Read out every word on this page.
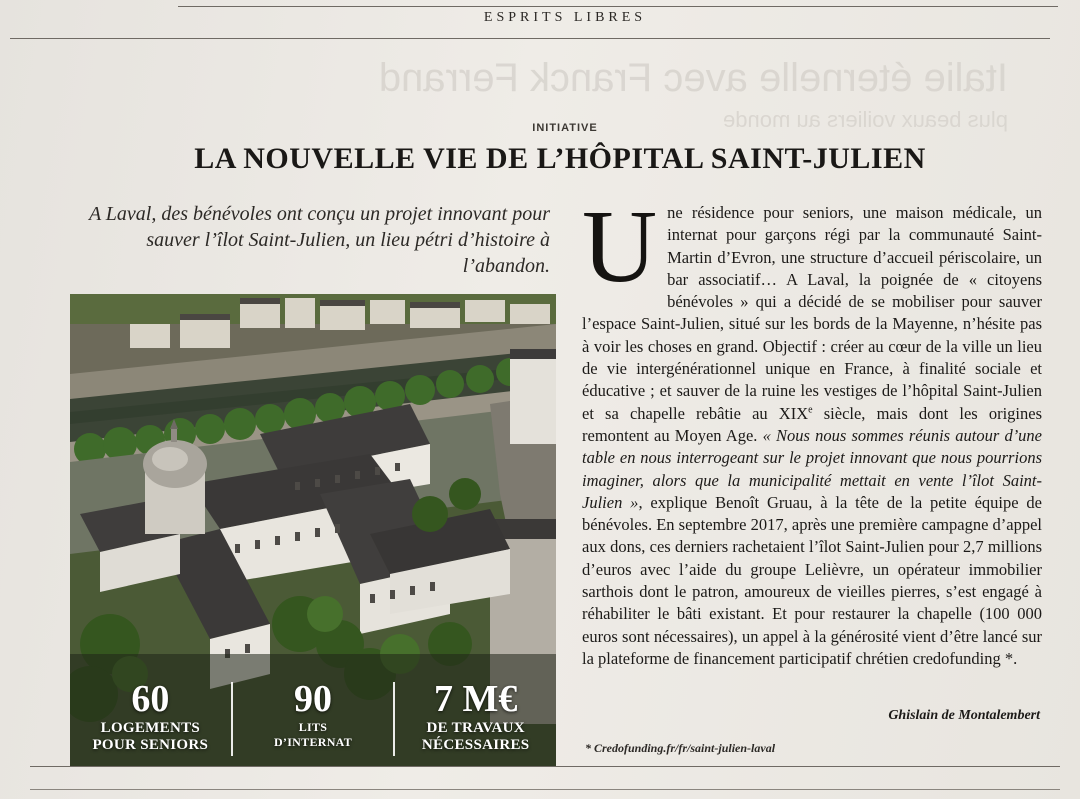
ESPRITS LIBRES
Italie éternelle avec Franck Ferrand
plus beaux voiliers au monde
INITIATIVE
LA NOUVELLE VIE DE L’HÔPITAL SAINT-JULIEN
A Laval, des bénévoles ont conçu un projet innovant pour sauver l’îlot Saint-Julien, un lieu pétri d’histoire à l’abandon.
60
LOGEMENTS
POUR SENIORS
90
LITS
D’INTERNAT
7 M€
DE TRAVAUX
NÉCESSAIRES
U ne résidence pour seniors, une maison médicale, un internat pour garçons régi par la communauté Saint-Martin d’Evron, une structure d’accueil périscolaire, un bar associatif… A Laval, la poignée de « citoyens bénévoles » qui a décidé de se mobiliser pour sauver l’espace Saint-Julien, situé sur les bords de la Mayenne, n’hésite pas à voir les choses en grand. Objectif : créer au cœur de la ville un lieu de vie intergénérationnel unique en France, à finalité sociale et éducative ; et sauver de la ruine les vestiges de l’hôpital Saint-Julien et sa chapelle rebâtie au XIXe siècle, mais dont les origines remontent au Moyen Age. « Nous nous sommes réunis autour d’une table en nous interrogeant sur le projet innovant que nous pourrions imaginer, alors que la municipalité mettait en vente l’îlot Saint-Julien », explique Benoît Gruau, à la tête de la petite équipe de bénévoles. En septembre 2017, après une première campagne d’appel aux dons, ces derniers rachetaient l’îlot Saint-Julien pour 2,7 millions d’euros avec l’aide du groupe Lelièvre, un opérateur immobilier sarthois dont le patron, amoureux de vieilles pierres, s’est engagé à réhabiliter le bâti existant. Et pour restaurer la chapelle (100 000 euros sont nécessaires), un appel à la générosité vient d’être lancé sur la plateforme de financement participatif chrétien credofunding *.

Ghislain de Montalembert
* Credofunding.fr/fr/saint-julien-laval
